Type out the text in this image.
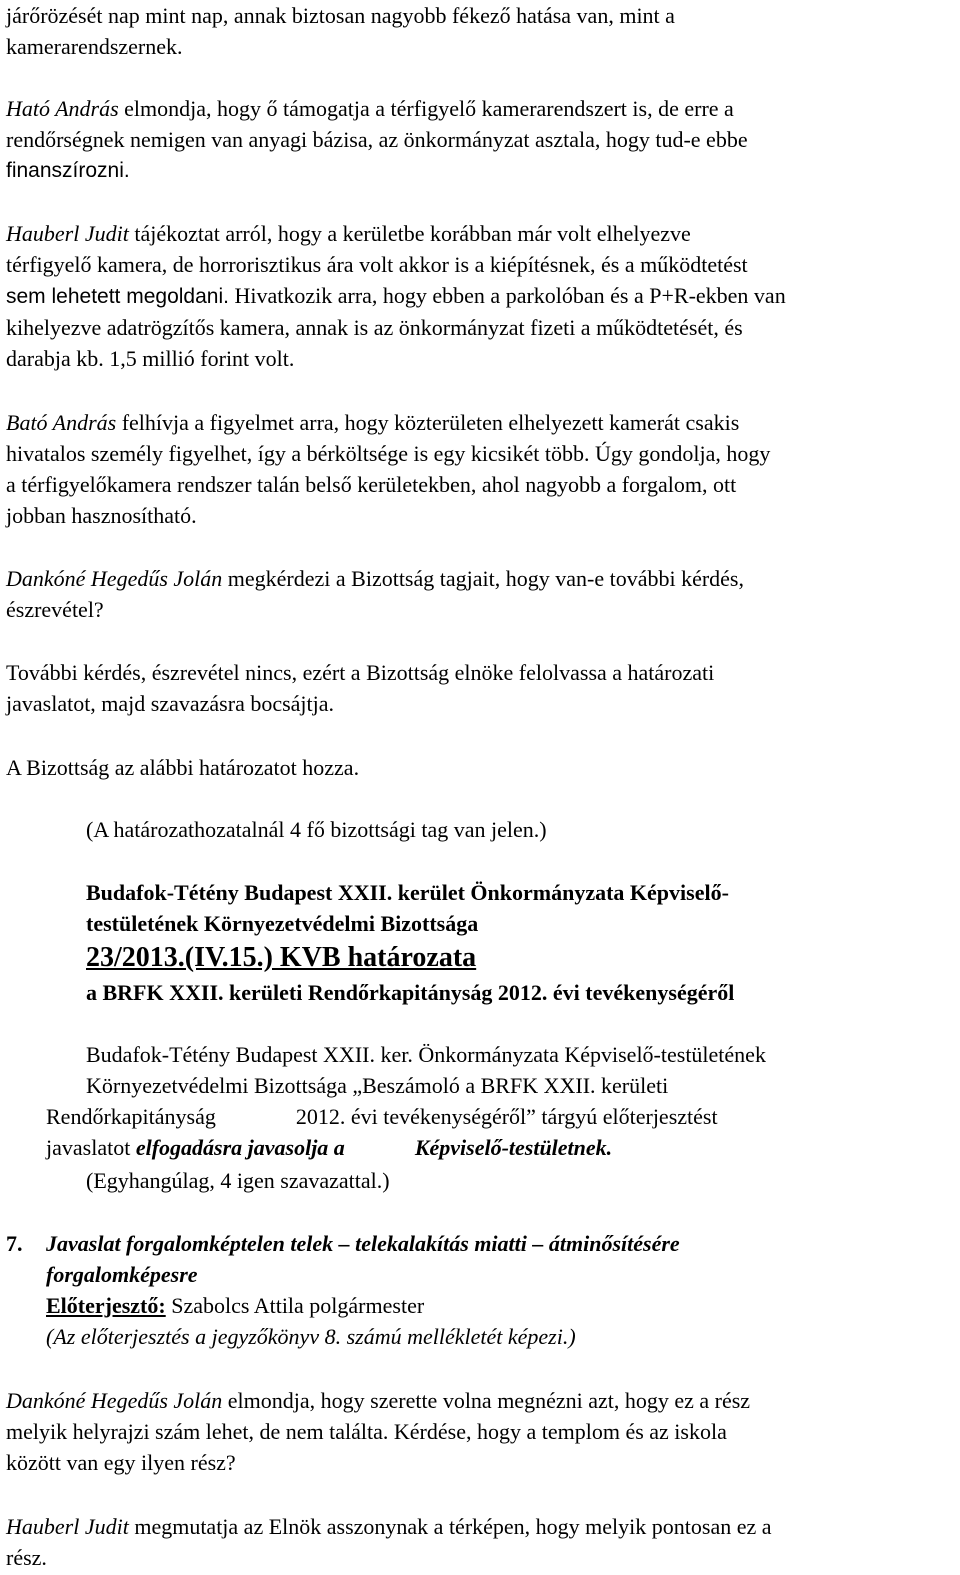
járőrözését nap mint nap, annak biztosan nagyobb fékező hatása van, mint a
kamerarendszernek.
Ható András elmondja, hogy ő támogatja a térfigyelő kamerarendszert is, de erre a
rendőrségnek nemigen van anyagi bázisa, az önkormányzat asztala, hogy tud-e ebbe
finanszírozni.
Hauberl Judit tájékoztat arról, hogy a kerületbe korábban már volt elhelyezve
térfigyelő kamera, de horrorisztikus ára volt akkor is a kiépítésnek, és a működtetést
sem lehetett megoldani. Hivatkozik arra, hogy ebben a parkolóban és a P+R-ekben van
kihelyezve adatrögzítős kamera, annak is az önkormányzat fizeti a működtetését, és
darabja kb. 1,5 millió forint volt.
Bató András felhívja a figyelmet arra, hogy közterületen elhelyezett kamerát csakis
hivatalos személy figyelhet, így a bérköltsége is egy kicsikét több. Úgy gondolja, hogy
a térfigyelőkamera rendszer talán belső kerületekben, ahol nagyobb a forgalom, ott
jobban hasznosítható.
Dankóné Hegedűs Jolán megkérdezi a Bizottság tagjait, hogy van-e további kérdés,
észrevétel?
További kérdés, észrevétel nincs, ezért a Bizottság elnöke felolvassa a határozati
javaslatot, majd szavazásra bocsájtja.
A Bizottság az alábbi határozatot hozza.
(A határozathozatalnál 4 fő bizottsági tag van jelen.)
Budafok-Tétény Budapest XXII. kerület Önkormányzata Képviselő-
testületének Környezetvédelmi Bizottsága
23/2013.(IV.15.) KVB határozata
a BRFK XXII. kerületi Rendőrkapitányság 2012. évi tevékenységéről
Budafok-Tétény Budapest XXII. ker. Önkormányzata Képviselő-testületének
Környezetvédelmi Bizottsága „Beszámoló a BRFK XXII. kerületi
Rendőrkapitányság	2012. évi tevékenységéről” tárgyú előterjesztést
javaslatot elfogadásra javasolja a	Képviselő-testületnek.
(Egyhangúlag, 4 igen szavazattal.)
7. Javaslat forgalomképtelen telek – telekalakítás miatti – átminősítésére
forgalomképesre
Előterjesztő: Szabolcs Attila polgármester
(Az előterjesztés a jegyzőkönyv 8. számú mellékletét képezi.)
Dankóné Hegedűs Jolán elmondja, hogy szerette volna megnézni azt, hogy ez a rész
melyik helyrajzi szám lehet, de nem találta. Kérdése, hogy a templom és az iskola
között van egy ilyen rész?
Hauberl Judit megmutatja az Elnök asszonynak a térképen, hogy melyik pontosan ez a
rész.
